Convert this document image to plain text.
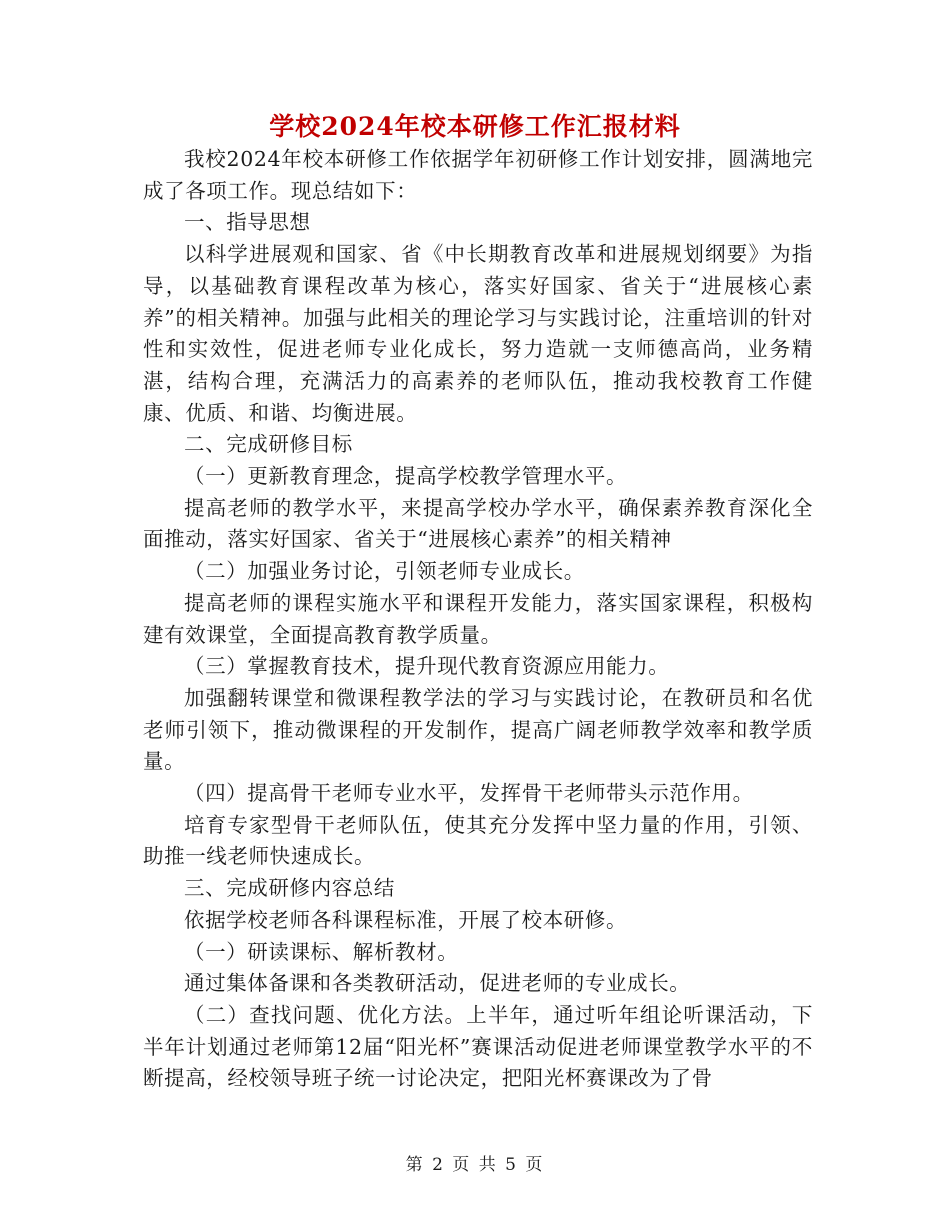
学校2024年校本研修工作汇报材料

我校2024年校本研修工作依据学年初研修工作计划安排，圆满地完成了各项工作。现总结如下：

一、指导思想

以科学进展观和国家、省《中长期教育改革和进展规划纲要》为指导，以基础教育课程改革为核心，落实好国家、省关于“进展核心素养”的相关精神。加强与此相关的理论学习与实践讨论，注重培训的针对性和实效性，促进老师专业化成长，努力造就一支师德高尚，业务精湛，结构合理，充满活力的高素养的老师队伍，推动我校教育工作健康、优质、和谐、均衡进展。

二、完成研修目标

（一）更新教育理念，提高学校教学管理水平。

提高老师的教学水平，来提高学校办学水平，确保素养教育深化全面推动，落实好国家、省关于“进展核心素养”的相关精神

（二）加强业务讨论，引领老师专业成长。

提高老师的课程实施水平和课程开发能力，落实国家课程，积极构建有效课堂，全面提高教育教学质量。

（三）掌握教育技术，提升现代教育资源应用能力。

加强翻转课堂和微课程教学法的学习与实践讨论，在教研员和名优老师引领下，推动微课程的开发制作，提高广阔老师教学效率和教学质量。

（四）提高骨干老师专业水平，发挥骨干老师带头示范作用。

培育专家型骨干老师队伍，使其充分发挥中坚力量的作用，引领、助推一线老师快速成长。

三、完成研修内容总结

依据学校老师各科课程标准，开展了校本研修。

（一）研读课标、解析教材。

通过集体备课和各类教研活动，促进老师的专业成长。

（二）查找问题、优化方法。上半年，通过听年组论听课活动，下半年计划通过老师第12届“阳光杯”赛课活动促进老师课堂教学水平的不断提高，经校领导班子统一讨论决定，把阳光杯赛课改为了骨

第 2 页 共 5 页
